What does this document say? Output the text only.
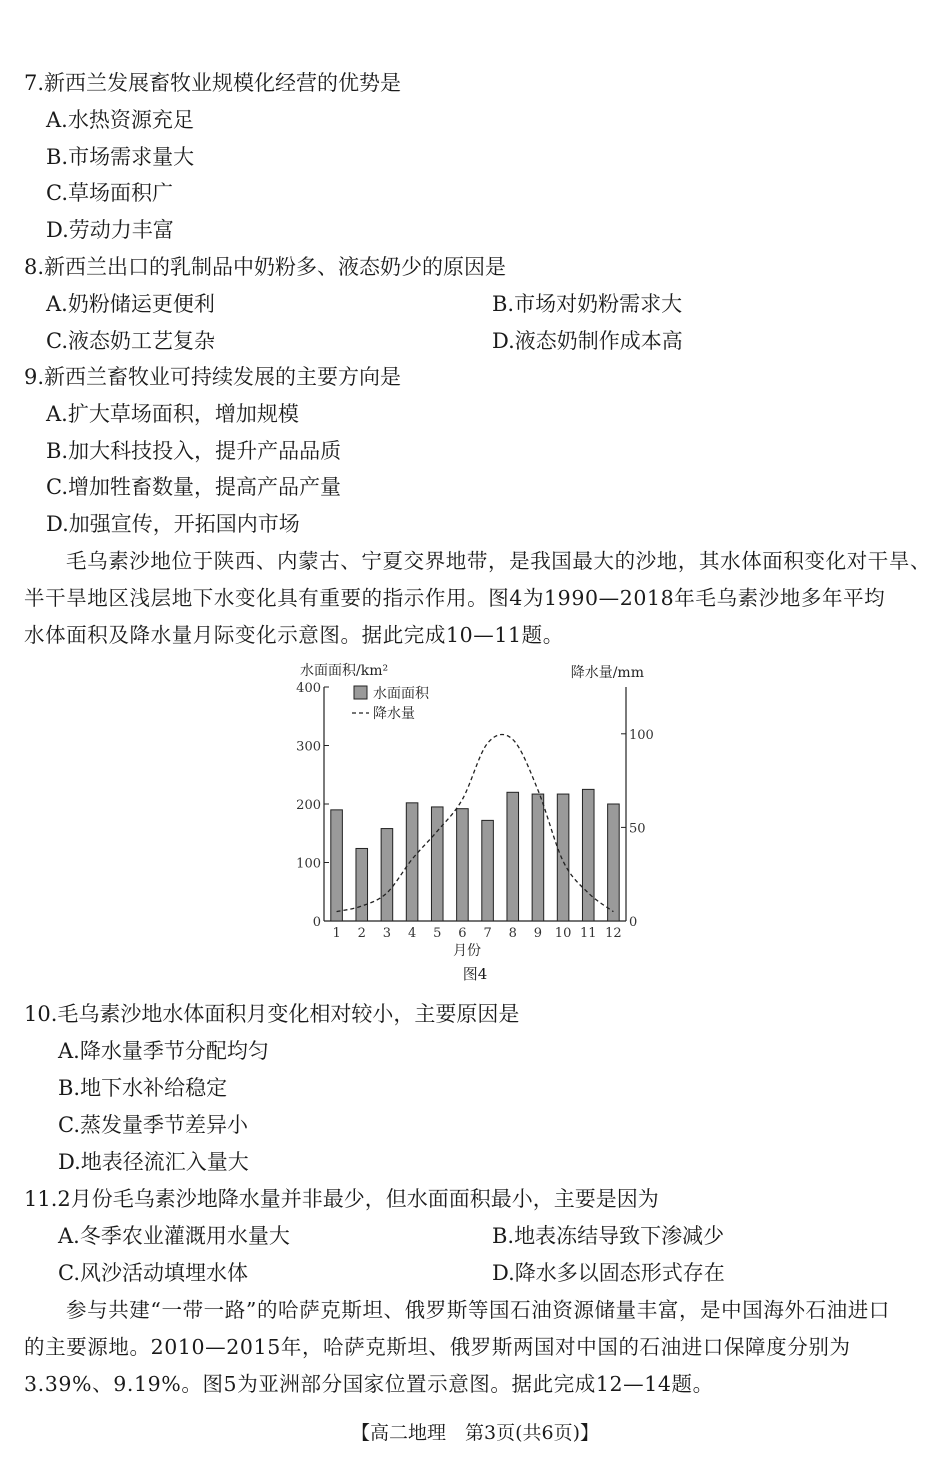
7.新西兰发展畜牧业规模化经营的优势是
A.水热资源充足
B.市场需求量大
C.草场面积广
D.劳动力丰富
8.新西兰出口的乳制品中奶粉多、液态奶少的原因是
A.奶粉储运更便利	B.市场对奶粉需求大
C.液态奶工艺复杂	D.液态奶制作成本高
9.新西兰畜牧业可持续发展的主要方向是
A.扩大草场面积，增加规模
B.加大科技投入，提升产品品质
C.增加牲畜数量，提高产品产量
D.加强宣传，开拓国内市场
毛乌素沙地位于陕西、内蒙古、宁夏交界地带，是我国最大的沙地，其水体面积变化对干旱、
半干旱地区浅层地下水变化具有重要的指示作用。图4为1990—2018年毛乌素沙地多年平均
水体面积及降水量月际变化示意图。据此完成10—11题。
0
100
200
300
400
0
50
100
1 2 3 4 5 6 7 8 9 10 11 12
月份
水面面积/km²	降水量/mm
水面面积
降水量
图4
10.毛乌素沙地水体面积月变化相对较小，主要原因是
A.降水量季节分配均匀
B.地下水补给稳定
C.蒸发量季节差异小
D.地表径流汇入量大
11.2月份毛乌素沙地降水量并非最少，但水面面积最小，主要是因为
A.冬季农业灌溉用水量大	B.地表冻结导致下渗减少
C.风沙活动填埋水体	D.降水多以固态形式存在
参与共建“一带一路”的哈萨克斯坦、俄罗斯等国石油资源储量丰富，是中国海外石油进口
的主要源地。2010—2015年，哈萨克斯坦、俄罗斯两国对中国的石油进口保障度分别为
3.39%、9.19%。图5为亚洲部分国家位置示意图。据此完成12—14题。
【高二地理　第3页(共6页)】
